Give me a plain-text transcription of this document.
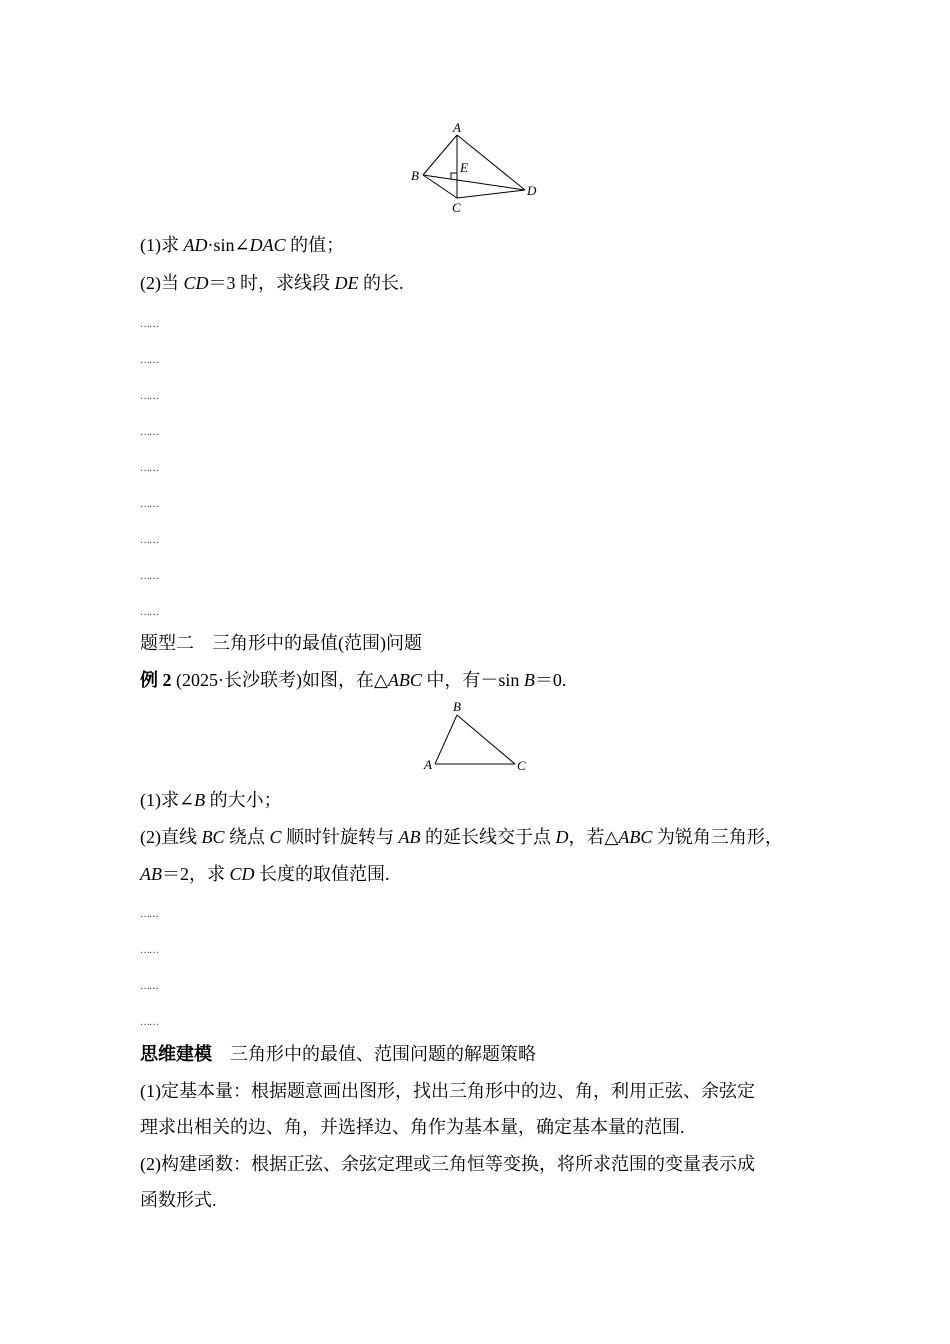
A
B
C
D
E
(1)求 AD·sin∠DAC 的值；
(2)当 CD＝3 时，求线段 DE 的长.
……
……
……
……
……
……
……
……
……
题型二　三角形中的最值(范围)问题
例 2 (2025·长沙联考)如图，在△ABC 中，有－sin B＝0.
A
B
C
(1)求∠B 的大小；
(2)直线 BC 绕点 C 顺时针旋转与 AB 的延长线交于点 D，若△ABC 为锐角三角形，
AB＝2，求 CD 长度的取值范围.
……
……
……
……
思维建模　三角形中的最值、范围问题的解题策略
(1)定基本量：根据题意画出图形，找出三角形中的边、角，利用正弦、余弦定
理求出相关的边、角，并选择边、角作为基本量，确定基本量的范围.
(2)构建函数：根据正弦、余弦定理或三角恒等变换，将所求范围的变量表示成
函数形式.
